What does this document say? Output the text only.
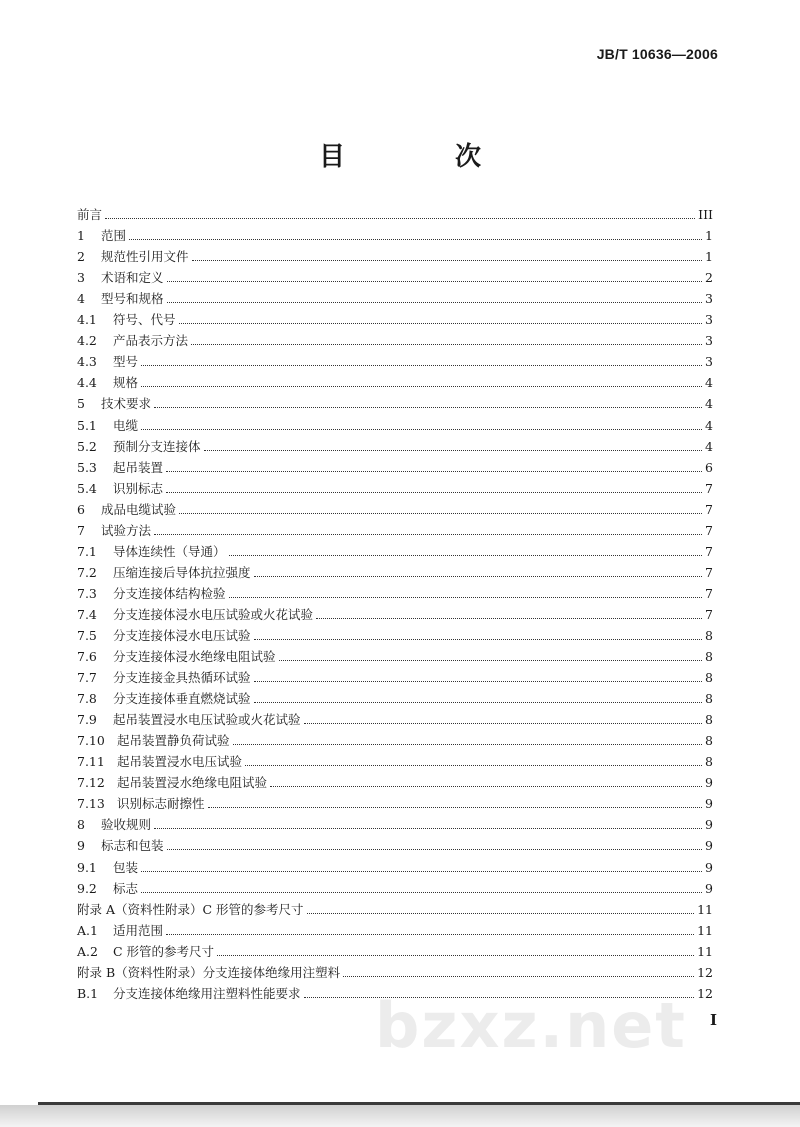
JB/T 10636—2006
目　次
前言	III
1 范围	1
2 规范性引用文件	1
3 术语和定义	2
4 型号和规格	3
4.1 符号、代号	3
4.2 产品表示方法	3
4.3 型号	3
4.4 规格	4
5 技术要求	4
5.1 电缆	4
5.2 预制分支连接体	4
5.3 起吊装置	6
5.4 识别标志	7
6 成品电缆试验	7
7 试验方法	7
7.1 导体连续性（导通）	7
7.2 压缩连接后导体抗拉强度	7
7.3 分支连接体结构检验	7
7.4 分支连接体浸水电压试验或火花试验	7
7.5 分支连接体浸水电压试验	8
7.6 分支连接体浸水绝缘电阻试验	8
7.7 分支连接金具热循环试验	8
7.8 分支连接体垂直燃烧试验	8
7.9 起吊装置浸水电压试验或火花试验	8
7.10 起吊装置静负荷试验	8
7.11 起吊装置浸水电压试验	8
7.12 起吊装置浸水绝缘电阻试验	9
7.13 识别标志耐擦性	9
8 验收规则	9
9 标志和包装	9
9.1 包装	9
9.2 标志	9
附录 A（资料性附录）C 形管的参考尺寸	11
A.1 适用范围	11
A.2 C 形管的参考尺寸	11
附录 B（资料性附录）分支连接体绝缘用注塑料	12
B.1 分支连接体绝缘用注塑料性能要求	12
bzxz.net I
